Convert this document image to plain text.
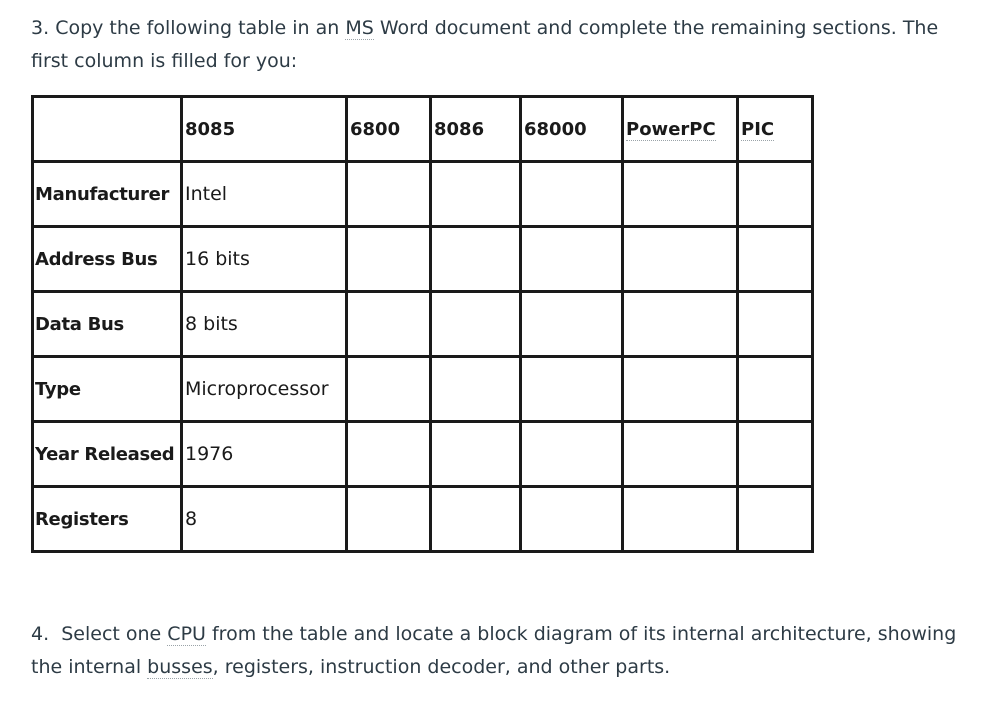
3. Copy the following table in an MS Word document and complete the remaining sections. The first column is filled for you:
	8085	6800	8086	68000	PowerPC	PIC
Manufacturer	Intel					
Address Bus	16 bits					
Data Bus	8 bits					
Type	Microprocessor					
Year Released	1976					
Registers	8					
4. Select one CPU from the table and locate a block diagram of its internal architecture, showing the internal busses, registers, instruction decoder, and other parts.
